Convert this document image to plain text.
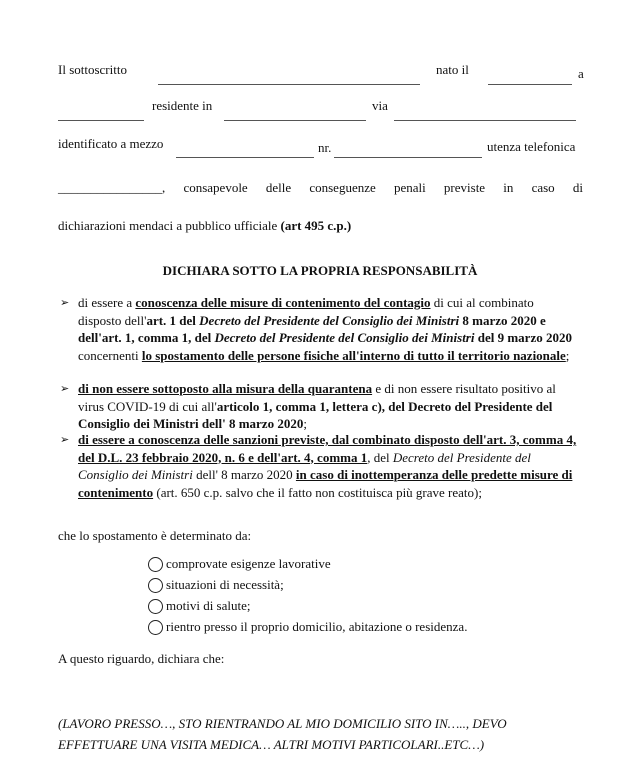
Il sottoscritto	nato il	a
residente in	via
identificato a mezzo	nr.	utenza telefonica
________________, consapevole delle conseguenze penali previste in caso di
dichiarazioni mendaci a pubblico ufficiale (art 495 c.p.)
DICHIARA SOTTO LA PROPRIA RESPONSABILITÀ
➢ di essere a conoscenza delle misure di contenimento del contagio di cui al combinato disposto dell'art. 1 del Decreto del Presidente del Consiglio dei Ministri 8 marzo 2020 e dell'art. 1, comma 1, del Decreto del Presidente del Consiglio dei Ministri del 9 marzo 2020 concernenti lo spostamento delle persone fisiche all'interno di tutto il territorio nazionale;
➢ di non essere sottoposto alla misura della quarantena e di non essere risultato positivo al virus COVID-19 di cui all'articolo 1, comma 1, lettera c), del Decreto del Presidente del Consiglio dei Ministri dell' 8 marzo 2020;
➢ di essere a conoscenza delle sanzioni previste, dal combinato disposto dell'art. 3, comma 4, del D.L. 23 febbraio 2020, n. 6 e dell'art. 4, comma 1, del Decreto del Presidente del Consiglio dei Ministri dell' 8 marzo 2020 in caso di inottemperanza delle predette misure di contenimento (art. 650 c.p. salvo che il fatto non costituisca più grave reato);
che lo spostamento è determinato da:
comprovate esigenze lavorative
situazioni di necessità;
motivi di salute;
rientro presso il proprio domicilio, abitazione o residenza.
A questo riguardo, dichiara che:
(LAVORO PRESSO…, STO RIENTRANDO AL MIO DOMICILIO SITO IN….., DEVO
EFFETTUARE UNA VISITA MEDICA… ALTRI MOTIVI PARTICOLARI..ETC…)
